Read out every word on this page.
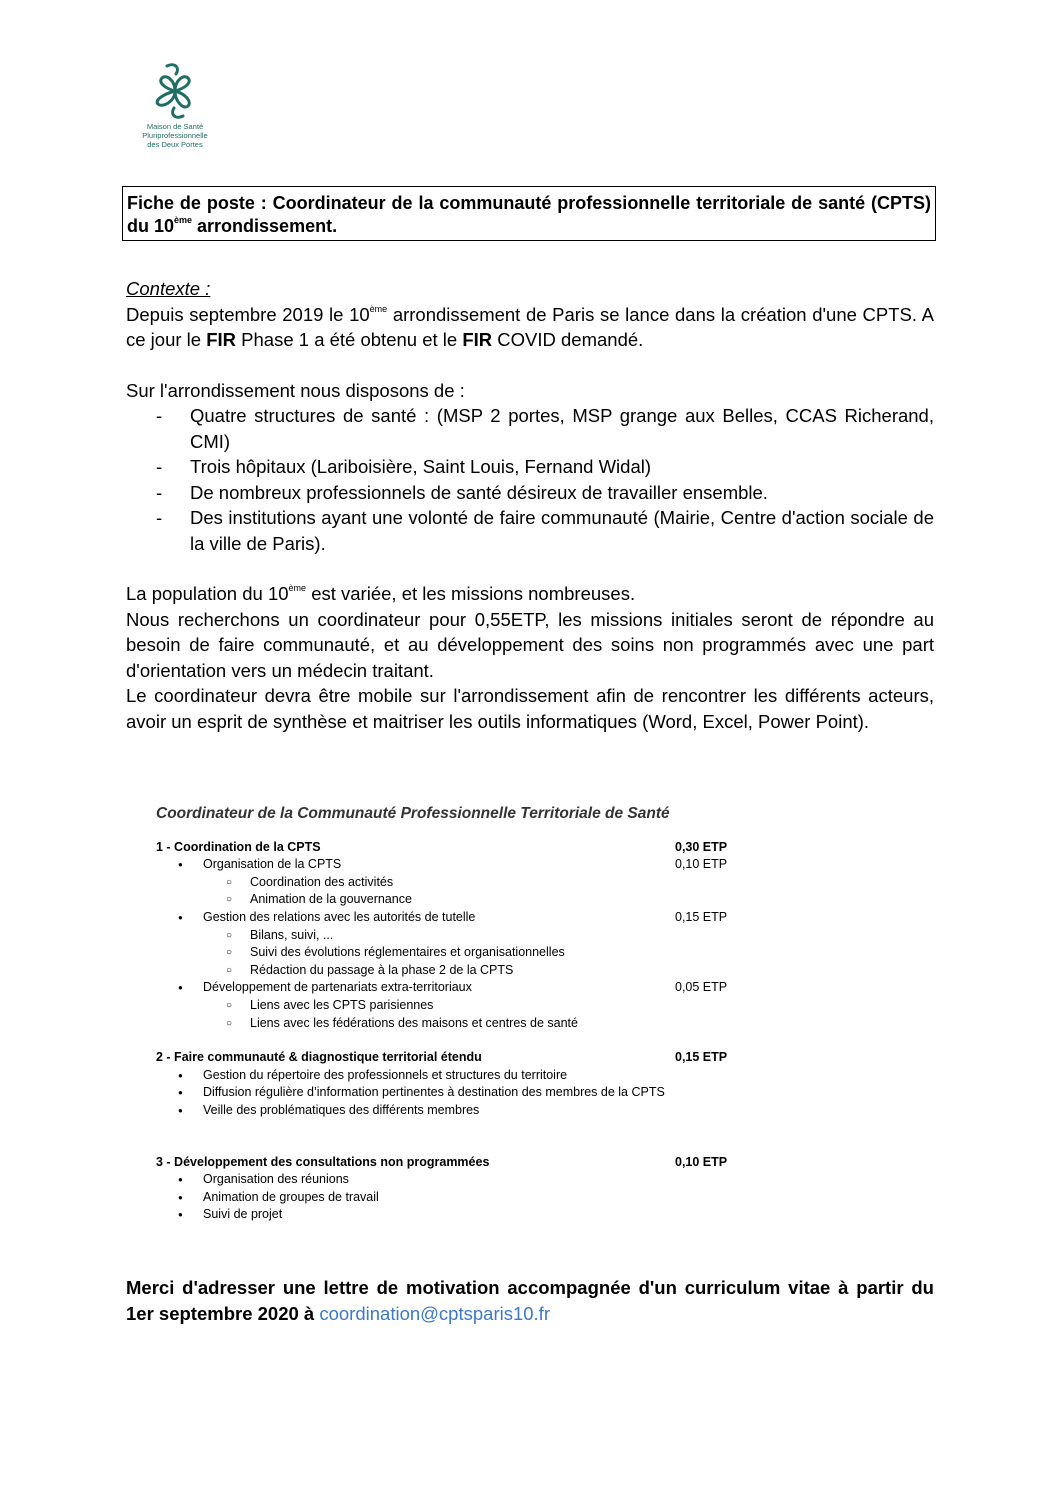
Maison de Santé
Pluriprofessionnelle
des Deux Portes
Fiche de poste : Coordinateur de la communauté professionnelle territoriale de santé (CPTS) du 10ème arrondissement.

Contexte :

Depuis septembre 2019 le 10ème arrondissement de Paris se lance dans la création d'une CPTS. A ce jour le FIR Phase 1 a été obtenu et le FIR COVID demandé.

Sur l'arrondissement nous disposons de :

- Quatre structures de santé : (MSP 2 portes, MSP grange aux Belles, CCAS Richerand, CMI)
- Trois hôpitaux (Lariboisière, Saint Louis, Fernand Widal)
- De nombreux professionnels de santé désireux de travailler ensemble.
- Des institutions ayant une volonté de faire communauté (Mairie, Centre d'action sociale de la ville de Paris).

La population du 10ème est variée, et les missions nombreuses.

Nous recherchons un coordinateur pour 0,55ETP, les missions initiales seront de répondre au besoin de faire communauté, et au développement des soins non programmés avec une part d'orientation vers un médecin traitant.

Le coordinateur devra être mobile sur l'arrondissement afin de rencontrer les différents acteurs, avoir un esprit de synthèse et maitriser les outils informatiques (Word, Excel, Power Point).

Coordinateur de la Communauté Professionnelle Territoriale de Santé
1 - Coordination de la CPTS	0,30 ETP
● Organisation de la CPTS	0,10 ETP
○ Coordination des activités
○ Animation de la gouvernance
● Gestion des relations avec les autorités de tutelle	0,15 ETP
○ Bilans, suivi, ...
○ Suivi des évolutions réglementaires et organisationnelles
○ Rédaction du passage à la phase 2 de la CPTS
● Développement de partenariats extra-territoriaux	0,05 ETP
○ Liens avec les CPTS parisiennes
○ Liens avec les fédérations des maisons et centres de santé
2 - Faire communauté & diagnostique territorial étendu	0,15 ETP
● Gestion du répertoire des professionnels et structures du territoire
● Diffusion régulière d’information pertinentes à destination des membres de la CPTS
● Veille des problématiques des différents membres
3 - Développement des consultations non programmées	0,10 ETP
● Organisation des réunions
● Animation de groupes de travail
● Suivi de projet
Merci d'adresser une lettre de motivation accompagnée d'un curriculum vitae à partir du 1er septembre 2020 à coordination@cptsparis10.fr
